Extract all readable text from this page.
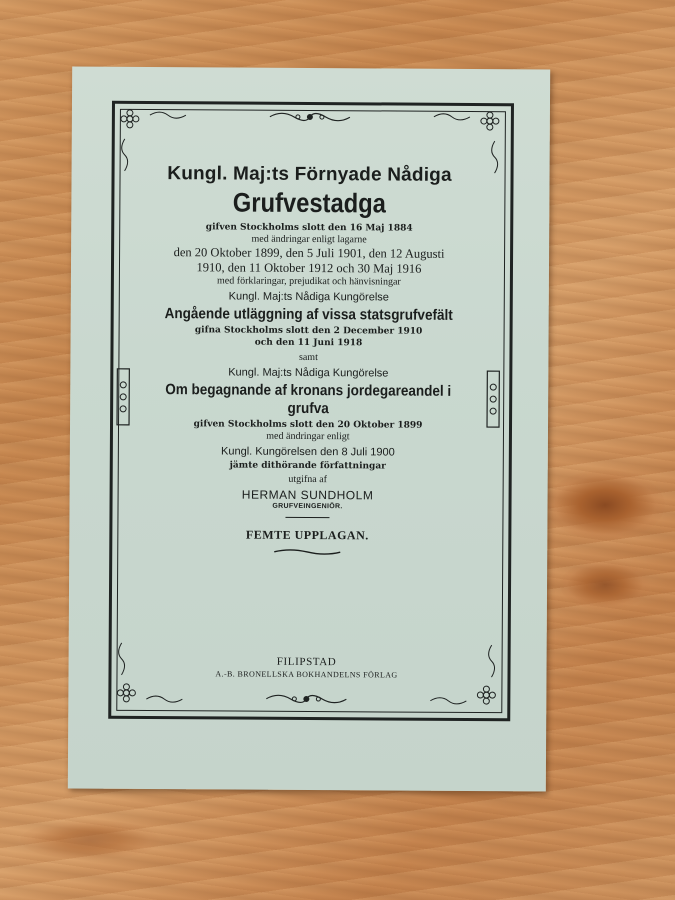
Kungl. Maj:ts Förnyade Nådiga

Grufvestadga

gifven Stockholms slott den 16 Maj 1884

med ändringar enligt lagarne

den 20 Oktober 1899, den 5 Juli 1901, den 12 Augusti

1910, den 11 Oktober 1912 och 30 Maj 1916

med förklaringar, prejudikat och hänvisningar

Kungl. Maj:ts Nådiga Kungörelse

Angående utläggning af vissa statsgrufvefält

gifna Stockholms slott den 2 December 1910

och den 11 Juni 1918

samt

Kungl. Maj:ts Nådiga Kungörelse

Om begagnande af kronans jordegareandel i grufva

gifven Stockholms slott den 20 Oktober 1899

med ändringar enligt

Kungl. Kungörelsen den 8 Juli 1900

jämte dithörande författningar

utgifna af

HERMAN SUNDHOLM

GRUFVEINGENIÖR.

FEMTE UPPLAGAN.

FILIPSTAD

A.-B. BRONELLSKA BOKHANDELNS FÖRLAG
